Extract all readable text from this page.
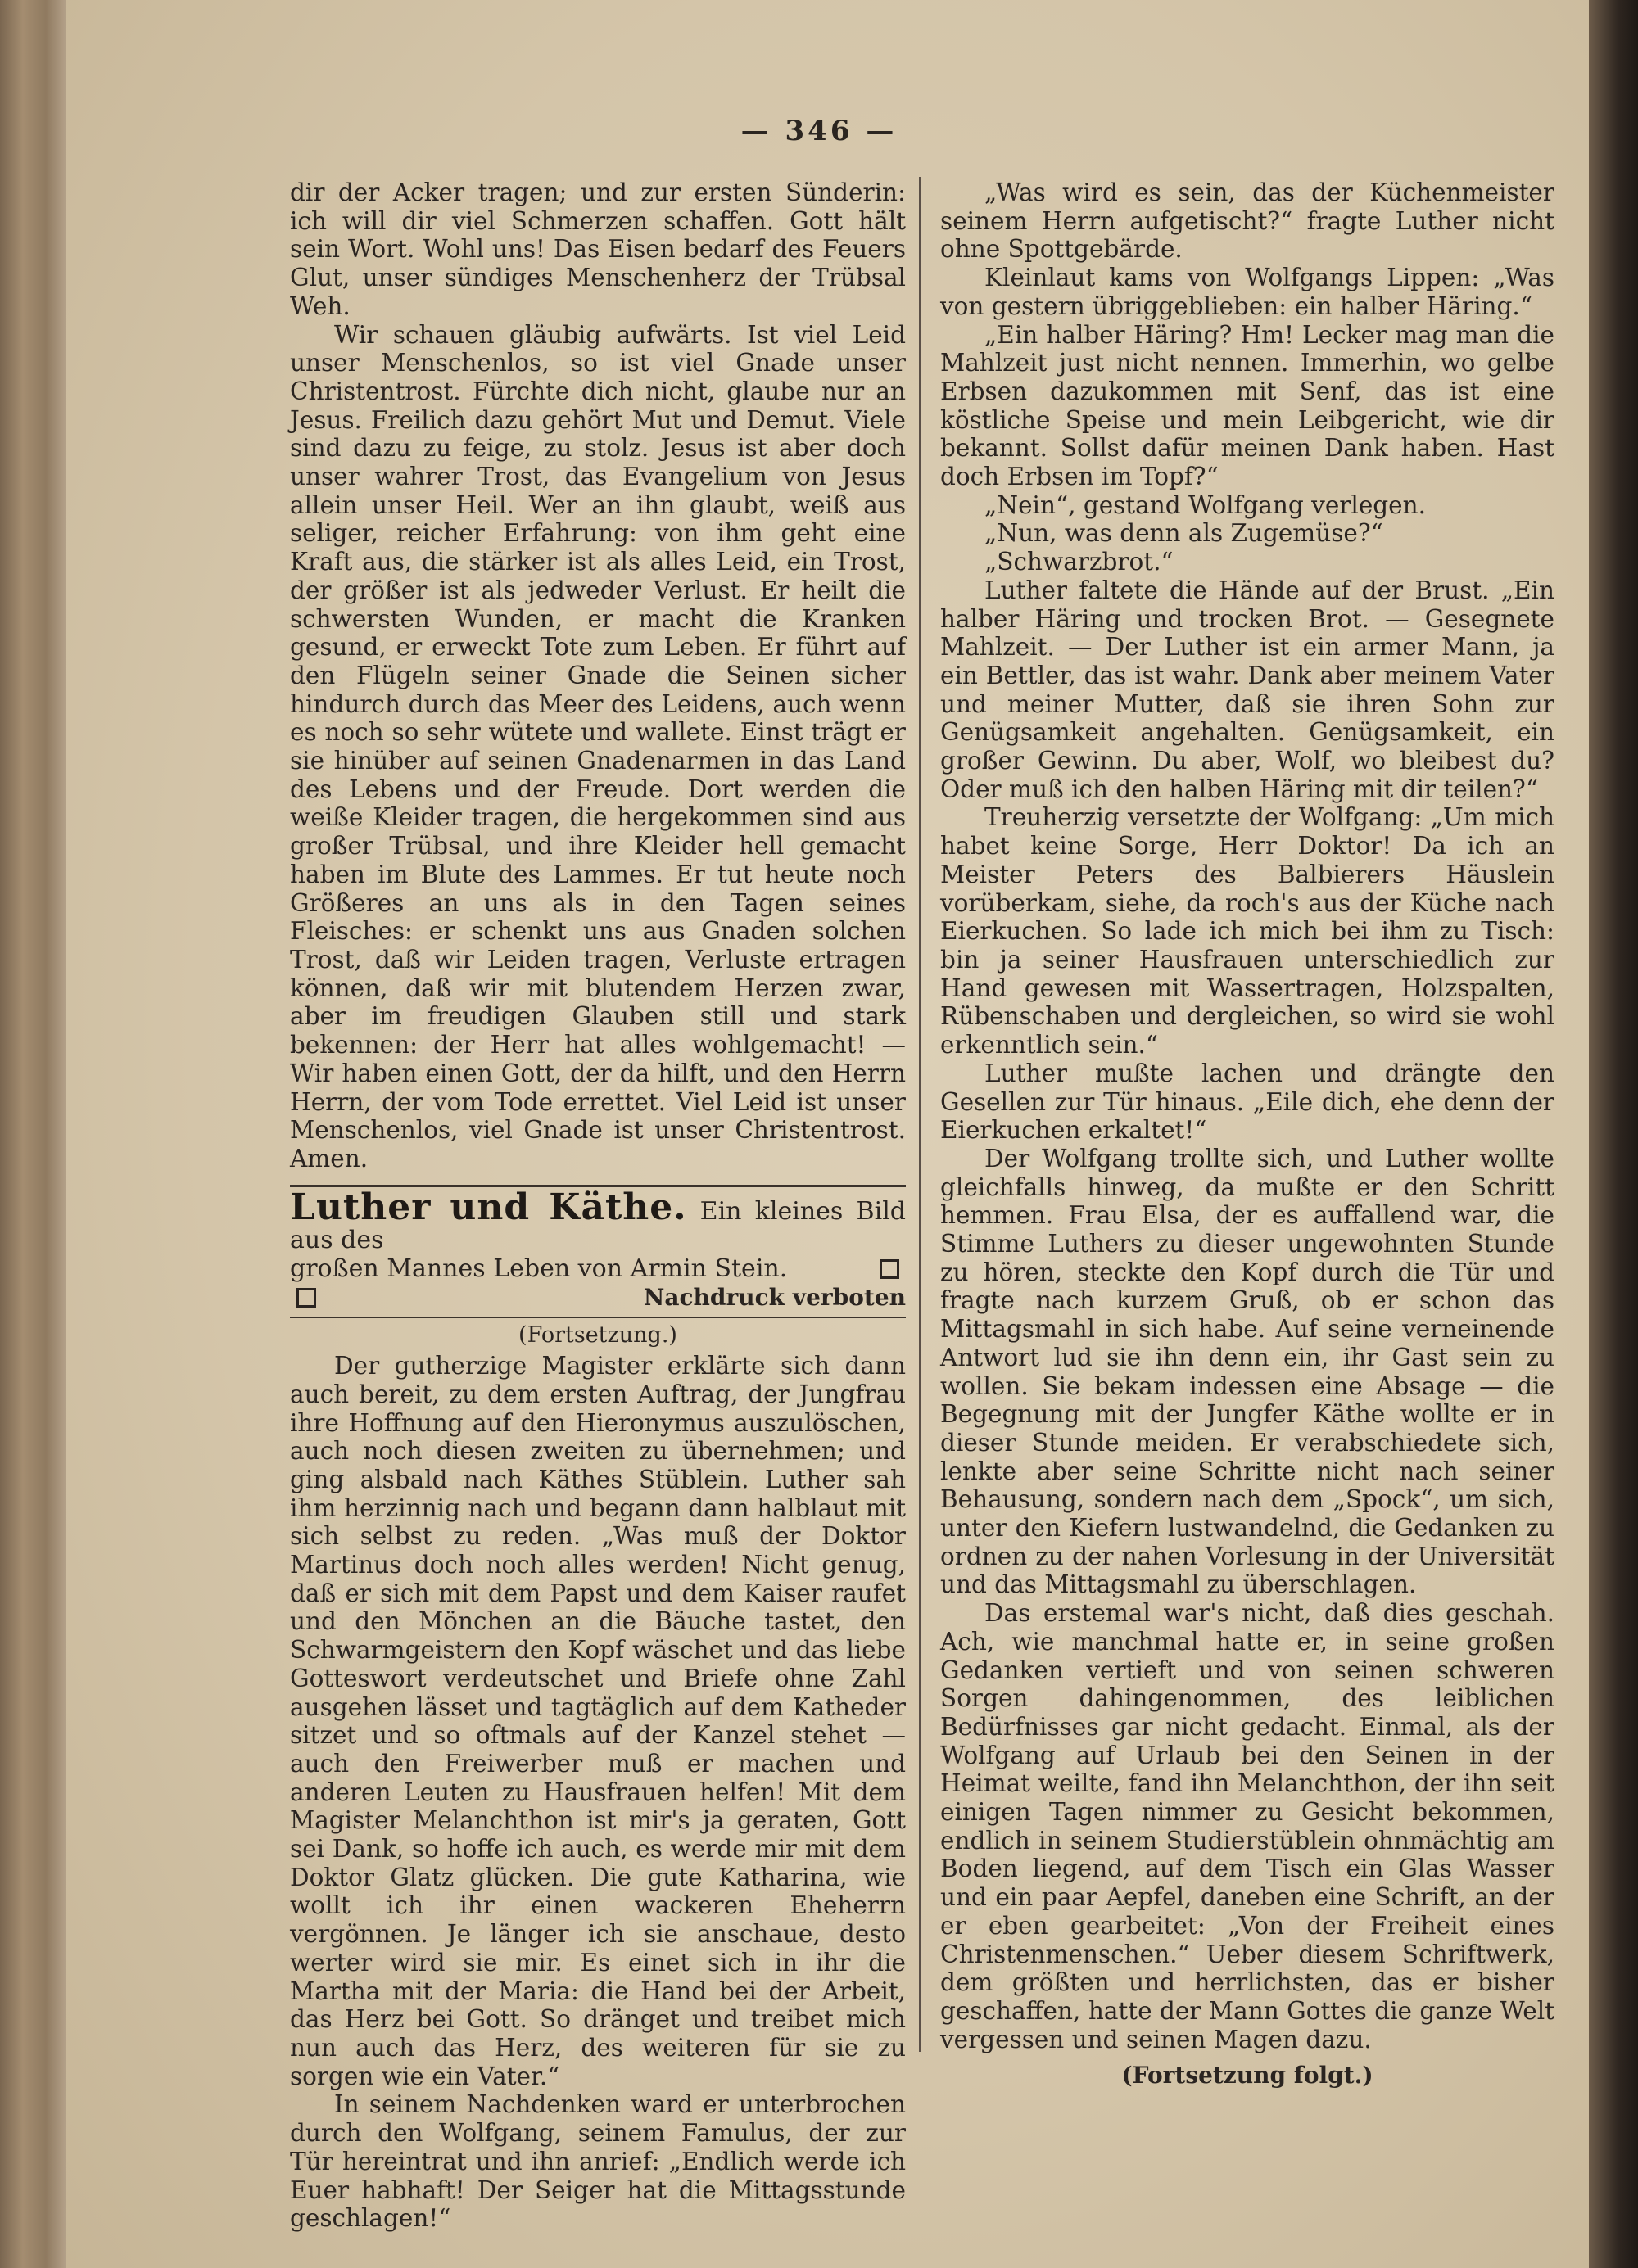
— 346 —

dir der Acker tragen; und zur ersten Sünderin: ich will dir viel Schmerzen schaffen. Gott hält sein Wort. Wohl uns! Das Eisen bedarf des Feuers Glut, unser sündiges Menschenherz der Trübsal Weh.

Wir schauen gläubig aufwärts. Ist viel Leid unser Menschenlos, so ist viel Gnade unser Christentrost. Fürchte dich nicht, glaube nur an Jesus. Freilich dazu gehört Mut und Demut. Viele sind dazu zu feige, zu stolz. Jesus ist aber doch unser wahrer Trost, das Evangelium von Jesus allein unser Heil. Wer an ihn glaubt, weiß aus seliger, reicher Erfahrung: von ihm geht eine Kraft aus, die stärker ist als alles Leid, ein Trost, der größer ist als jedweder Verlust. Er heilt die schwersten Wunden, er macht die Kranken gesund, er erweckt Tote zum Leben. Er führt auf den Flügeln seiner Gnade die Seinen sicher hindurch durch das Meer des Leidens, auch wenn es noch so sehr wütete und wallete. Einst trägt er sie hinüber auf seinen Gnadenarmen in das Land des Lebens und der Freude. Dort werden die weiße Kleider tragen, die hergekommen sind aus großer Trübsal, und ihre Kleider hell gemacht haben im Blute des Lammes. Er tut heute noch Größeres an uns als in den Tagen seines Fleisches: er schenkt uns aus Gnaden solchen Trost, daß wir Leiden tragen, Verluste ertragen können, daß wir mit blutendem Herzen zwar, aber im freudigen Glauben still und stark bekennen: der Herr hat alles wohlgemacht! — Wir haben einen Gott, der da hilft, und den Herrn Herrn, der vom Tode errettet. Viel Leid ist unser Menschenlos, viel Gnade ist unser Christentrost. Amen.

Luther und Käthe. Ein kleines Bild aus des
großen Mannes Leben von Armin Stein.
Nachdruck verboten
(Fortsetzung.)

Der gutherzige Magister erklärte sich dann auch bereit, zu dem ersten Auftrag, der Jungfrau ihre Hoffnung auf den Hieronymus auszulöschen, auch noch diesen zweiten zu übernehmen; und ging alsbald nach Käthes Stüblein. Luther sah ihm herzinnig nach und begann dann halblaut mit sich selbst zu reden. „Was muß der Doktor Martinus doch noch alles werden! Nicht genug, daß er sich mit dem Papst und dem Kaiser raufet und den Mönchen an die Bäuche tastet, den Schwarmgeistern den Kopf wäschet und das liebe Gotteswort verdeutschet und Briefe ohne Zahl ausgehen lässet und tagtäglich auf dem Katheder sitzet und so oftmals auf der Kanzel stehet — auch den Freiwerber muß er machen und anderen Leuten zu Hausfrauen helfen! Mit dem Magister Melanchthon ist mir's ja geraten, Gott sei Dank, so hoffe ich auch, es werde mir mit dem Doktor Glatz glücken. Die gute Katharina, wie wollt ich ihr einen wackeren Eheherrn vergönnen. Je länger ich sie anschaue, desto werter wird sie mir. Es einet sich in ihr die Martha mit der Maria: die Hand bei der Arbeit, das Herz bei Gott. So dränget und treibet mich nun auch das Herz, des weiteren für sie zu sorgen wie ein Vater.“

In seinem Nachdenken ward er unterbrochen durch den Wolfgang, seinem Famulus, der zur Tür hereintrat und ihn anrief: „Endlich werde ich Euer habhaft! Der Seiger hat die Mittagsstunde geschlagen!“

„Was wird es sein, das der Küchenmeister seinem Herrn aufgetischt?“ fragte Luther nicht ohne Spottgebärde.

Kleinlaut kams von Wolfgangs Lippen: „Was von gestern übriggeblieben: ein halber Häring.“

„Ein halber Häring? Hm! Lecker mag man die Mahlzeit just nicht nennen. Immerhin, wo gelbe Erbsen dazukommen mit Senf, das ist eine köstliche Speise und mein Leibgericht, wie dir bekannt. Sollst dafür meinen Dank haben. Hast doch Erbsen im Topf?“

„Nein“, gestand Wolfgang verlegen.

„Nun, was denn als Zugemüse?“

„Schwarzbrot.“

Luther faltete die Hände auf der Brust. „Ein halber Häring und trocken Brot. — Gesegnete Mahlzeit. — Der Luther ist ein armer Mann, ja ein Bettler, das ist wahr. Dank aber meinem Vater und meiner Mutter, daß sie ihren Sohn zur Genügsamkeit angehalten. Genügsamkeit, ein großer Gewinn. Du aber, Wolf, wo bleibest du? Oder muß ich den halben Häring mit dir teilen?“

Treuherzig versetzte der Wolfgang: „Um mich habet keine Sorge, Herr Doktor! Da ich an Meister Peters des Balbierers Häuslein vorüberkam, siehe, da roch's aus der Küche nach Eierkuchen. So lade ich mich bei ihm zu Tisch: bin ja seiner Hausfrauen unterschiedlich zur Hand gewesen mit Wassertragen, Holzspalten, Rübenschaben und dergleichen, so wird sie wohl erkenntlich sein.“

Luther mußte lachen und drängte den Gesellen zur Tür hinaus. „Eile dich, ehe denn der Eierkuchen erkaltet!“

Der Wolfgang trollte sich, und Luther wollte gleichfalls hinweg, da mußte er den Schritt hemmen. Frau Elsa, der es auffallend war, die Stimme Luthers zu dieser ungewohnten Stunde zu hören, steckte den Kopf durch die Tür und fragte nach kurzem Gruß, ob er schon das Mittagsmahl in sich habe. Auf seine verneinende Antwort lud sie ihn denn ein, ihr Gast sein zu wollen. Sie bekam indessen eine Absage — die Begegnung mit der Jungfer Käthe wollte er in dieser Stunde meiden. Er verabschiedete sich, lenkte aber seine Schritte nicht nach seiner Behausung, sondern nach dem „Spock“, um sich, unter den Kiefern lustwandelnd, die Gedanken zu ordnen zu der nahen Vorlesung in der Universität und das Mittagsmahl zu überschlagen.

Das erstemal war's nicht, daß dies geschah. Ach, wie manchmal hatte er, in seine großen Gedanken vertieft und von seinen schweren Sorgen dahingenommen, des leiblichen Bedürfnisses gar nicht gedacht. Einmal, als der Wolfgang auf Urlaub bei den Seinen in der Heimat weilte, fand ihn Melanchthon, der ihn seit einigen Tagen nimmer zu Gesicht bekommen, endlich in seinem Studierstüblein ohnmächtig am Boden liegend, auf dem Tisch ein Glas Wasser und ein paar Aepfel, daneben eine Schrift, an der er eben gearbeitet: „Von der Freiheit eines Christenmenschen.“ Ueber diesem Schriftwerk, dem größten und herrlichsten, das er bisher geschaffen, hatte der Mann Gottes die ganze Welt vergessen und seinen Magen dazu.

(Fortsetzung folgt.)
